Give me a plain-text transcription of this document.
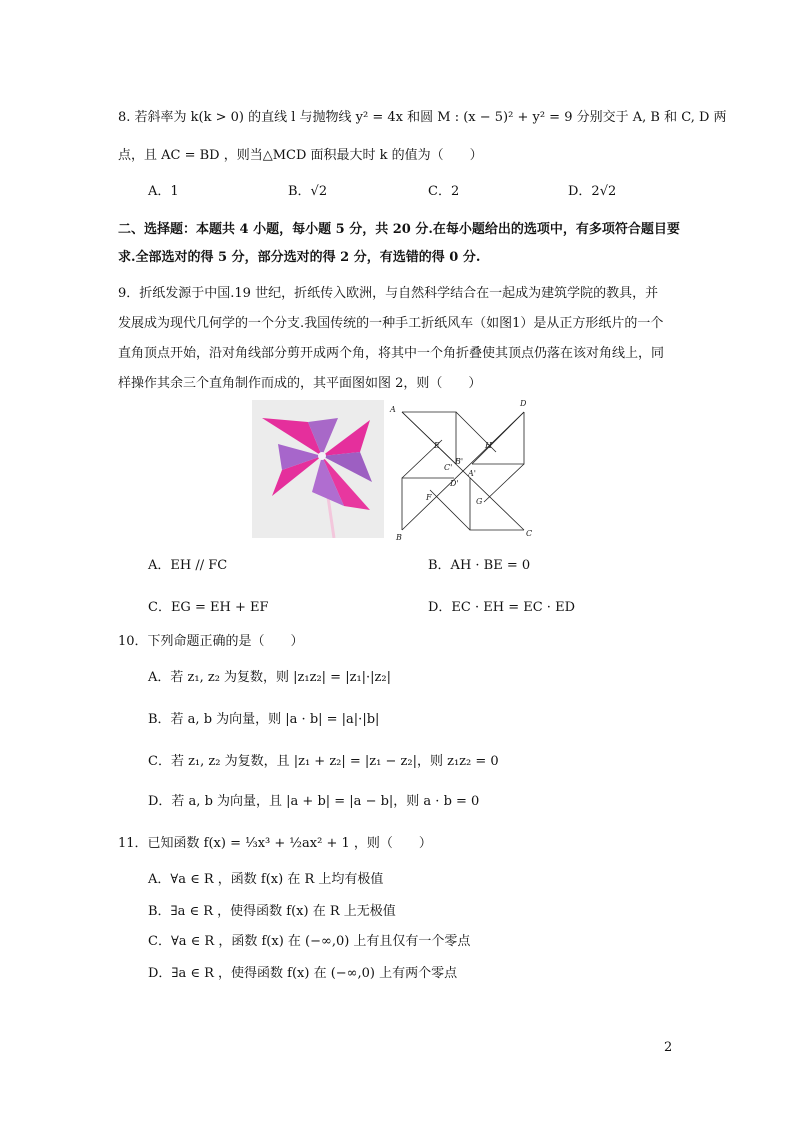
8. 若斜率为 k(k > 0) 的直线 l 与抛物线 y² = 4x 和圆 M : (x − 5)² + y² = 9 分别交于 A, B 和 C, D 两
点，且 AC = BD ，则当△MCD 面积最大时 k 的值为（　　）
A．1	B．√2	C．2	D．2√2
二、选择题：本题共 4 小题，每小题 5 分，共 20 分.在每小题给出的选项中，有多项符合题目要
求.全部选对的得 5 分，部分选对的得 2 分，有选错的得 0 分.
9．折纸发源于中国.19 世纪，折纸传入欧洲，与自然科学结合在一起成为建筑学院的教具，并
发展成为现代几何学的一个分支.我国传统的一种手工折纸风车（如图1）是从正方形纸片的一个
直角顶点开始，沿对角线部分剪开成两个角，将其中一个角折叠使其顶点仍落在该对角线上，同
样操作其余三个直角制作而成的，其平面图如图 2，则（　　）
A
D
E	H
C'
B'
A'
D'
F	G
B	C
A．EH // FC	B．AH · BE = 0
C．EG = EH + EF	D．EC · EH = EC · ED
10．下列命题正确的是（　　）
A．若 z₁, z₂ 为复数，则 |z₁z₂| = |z₁|·|z₂|
B．若 a, b 为向量，则 |a · b| = |a|·|b|
C．若 z₁, z₂ 为复数，且 |z₁ + z₂| = |z₁ − z₂|，则 z₁z₂ = 0
D．若 a, b 为向量，且 |a + b| = |a − b|，则 a · b = 0
11．已知函数 f(x) = ⅓x³ + ½ax² + 1 ，则（　　）
A．∀a ∈ R ，函数 f(x) 在 R 上均有极值
B．∃a ∈ R ，使得函数 f(x) 在 R 上无极值
C．∀a ∈ R ，函数 f(x) 在 (−∞,0) 上有且仅有一个零点
D．∃a ∈ R ，使得函数 f(x) 在 (−∞,0) 上有两个零点
2
